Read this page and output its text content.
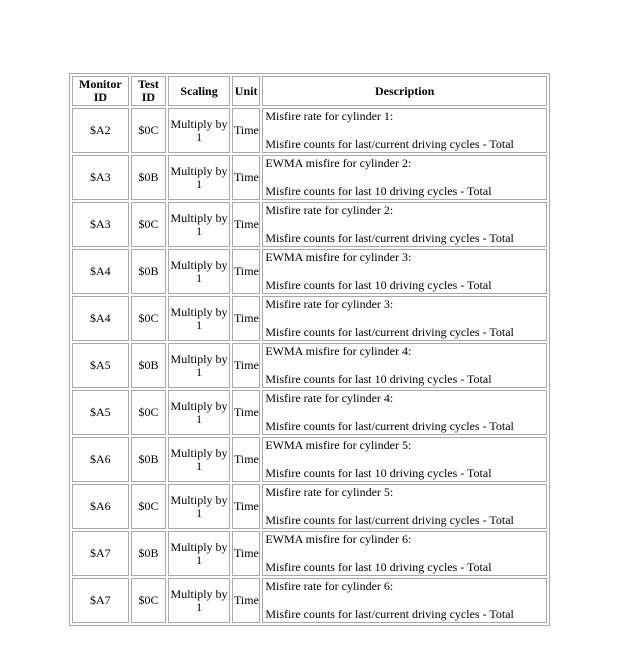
Monitor ID	Test ID	Scaling	Unit	Description
$A2	$0C	Multiply by 1	Time	Misfire rate for cylinder 1:
Misfire counts for last/current driving cycles - Total

$A3	$0B	Multiply by 1	Time	EWMA misfire for cylinder 2:
Misfire counts for last 10 driving cycles - Total

$A3	$0C	Multiply by 1	Time	Misfire rate for cylinder 2:
Misfire counts for last/current driving cycles - Total

$A4	$0B	Multiply by 1	Time	EWMA misfire for cylinder 3:
Misfire counts for last 10 driving cycles - Total

$A4	$0C	Multiply by 1	Time	Misfire rate for cylinder 3:
Misfire counts for last/current driving cycles - Total

$A5	$0B	Multiply by 1	Time	EWMA misfire for cylinder 4:
Misfire counts for last 10 driving cycles - Total

$A5	$0C	Multiply by 1	Time	Misfire rate for cylinder 4:
Misfire counts for last/current driving cycles - Total

$A6	$0B	Multiply by 1	Time	EWMA misfire for cylinder 5:
Misfire counts for last 10 driving cycles - Total

$A6	$0C	Multiply by 1	Time	Misfire rate for cylinder 5:
Misfire counts for last/current driving cycles - Total

$A7	$0B	Multiply by 1	Time	EWMA misfire for cylinder 6:
Misfire counts for last 10 driving cycles - Total

$A7	$0C	Multiply by 1	Time	Misfire rate for cylinder 6:
Misfire counts for last/current driving cycles - Total
